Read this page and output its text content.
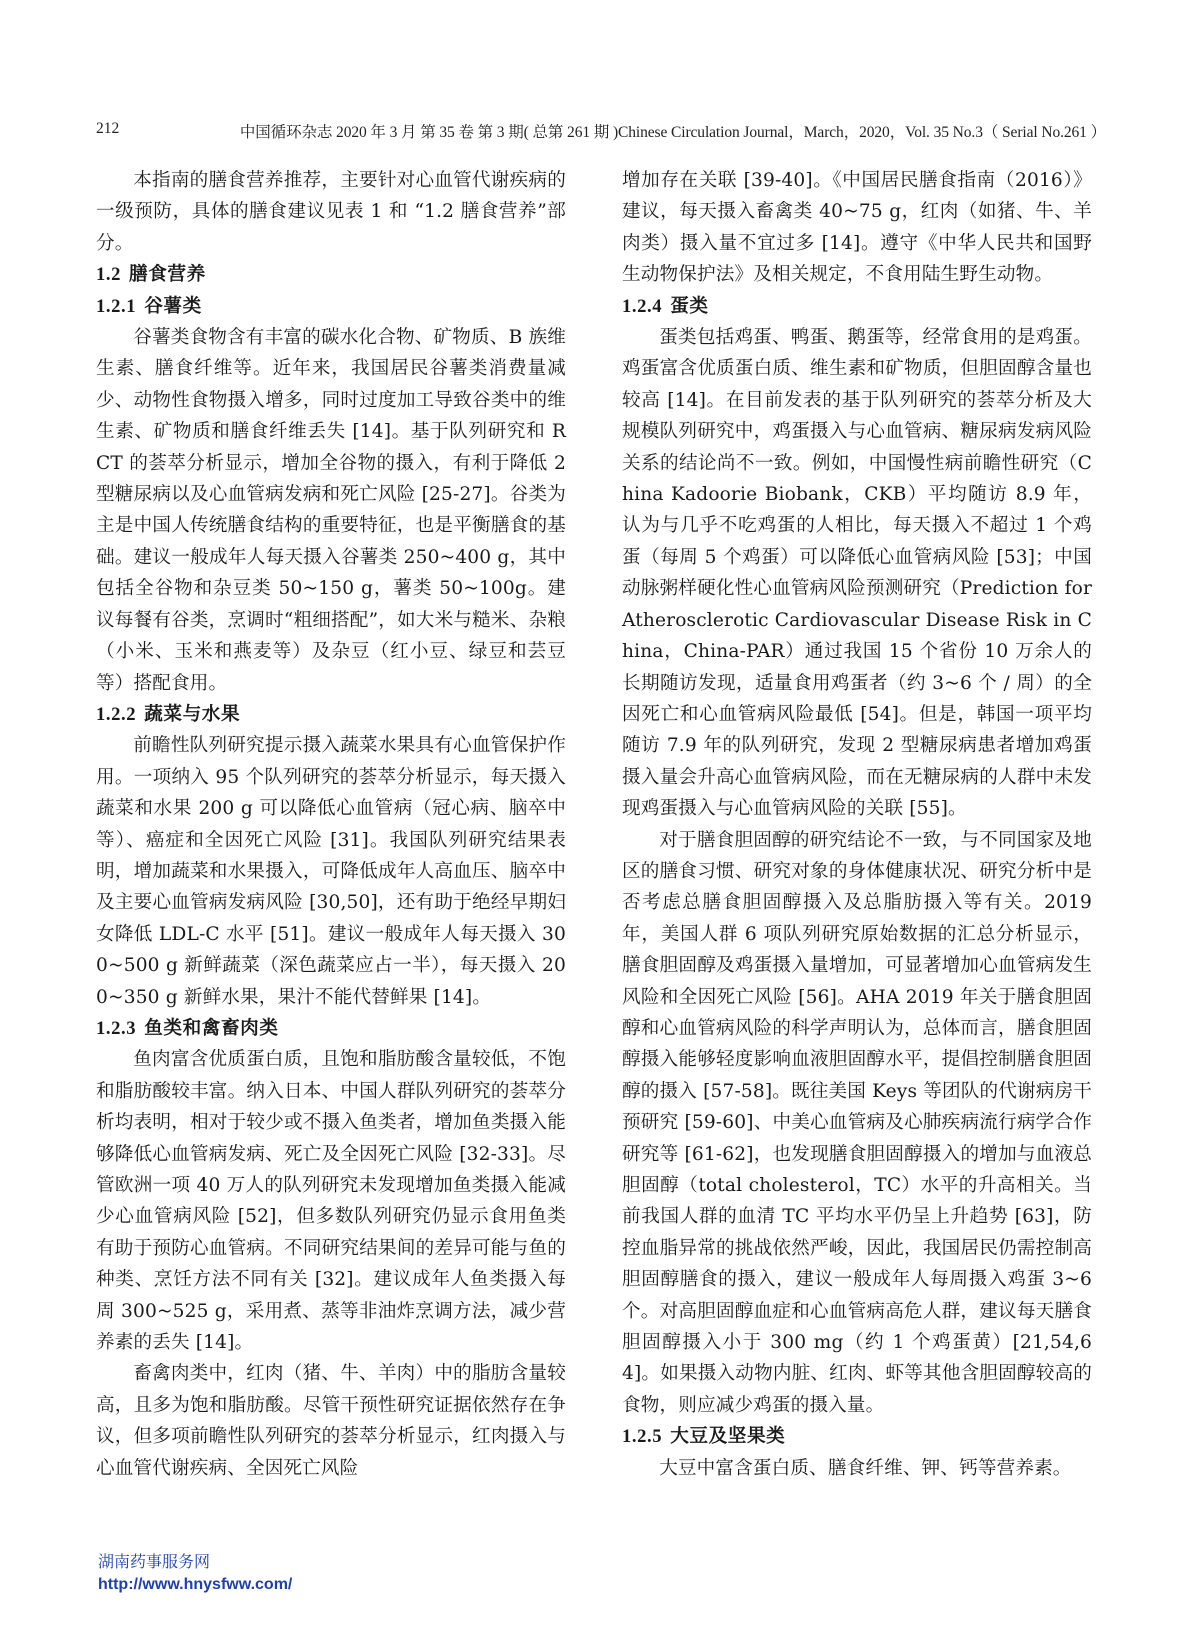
212	中国循环杂志 2020 年 3 月 第 35 卷 第 3 期( 总第 261 期 )Chinese Circulation Journal，March，2020，Vol. 35 No.3（ Serial No.261 ）

本指南的膳食营养推荐，主要针对心血管代谢疾病的一级预防，具体的膳食建议见表 1 和 “1.2 膳食营养”部分。

1.2 膳食营养

1.2.1 谷薯类

谷薯类食物含有丰富的碳水化合物、矿物质、B 族维生素、膳食纤维等。近年来，我国居民谷薯类消费量减少、动物性食物摄入增多，同时过度加工导致谷类中的维生素、矿物质和膳食纤维丢失 [14]。基于队列研究和 RCT 的荟萃分析显示，增加全谷物的摄入，有利于降低 2 型糖尿病以及心血管病发病和死亡风险 [25-27]。谷类为主是中国人传统膳食结构的重要特征，也是平衡膳食的基础。建议一般成年人每天摄入谷薯类 250~400 g，其中包括全谷物和杂豆类 50~150 g，薯类 50~100g。建议每餐有谷类，烹调时“粗细搭配”，如大米与糙米、杂粮（小米、玉米和燕麦等）及杂豆（红小豆、绿豆和芸豆等）搭配食用。

1.2.2 蔬菜与水果

前瞻性队列研究提示摄入蔬菜水果具有心血管保护作用。一项纳入 95 个队列研究的荟萃分析显示，每天摄入蔬菜和水果 200 g 可以降低心血管病（冠心病、脑卒中等）、癌症和全因死亡风险 [31]。我国队列研究结果表明，增加蔬菜和水果摄入，可降低成年人高血压、脑卒中及主要心血管病发病风险 [30,50]，还有助于绝经早期妇女降低 LDL-C 水平 [51]。建议一般成年人每天摄入 300~500 g 新鲜蔬菜（深色蔬菜应占一半），每天摄入 200~350 g 新鲜水果，果汁不能代替鲜果 [14]。

1.2.3 鱼类和禽畜肉类

鱼肉富含优质蛋白质，且饱和脂肪酸含量较低，不饱和脂肪酸较丰富。纳入日本、中国人群队列研究的荟萃分析均表明，相对于较少或不摄入鱼类者，增加鱼类摄入能够降低心血管病发病、死亡及全因死亡风险 [32-33]。尽管欧洲一项 40 万人的队列研究未发现增加鱼类摄入能减少心血管病风险 [52]，但多数队列研究仍显示食用鱼类有助于预防心血管病。不同研究结果间的差异可能与鱼的种类、烹饪方法不同有关 [32]。建议成年人鱼类摄入每周 300~525 g，采用煮、蒸等非油炸烹调方法，减少营养素的丢失 [14]。

畜禽肉类中，红肉（猪、牛、羊肉）中的脂肪含量较高，且多为饱和脂肪酸。尽管干预性研究证据依然存在争议，但多项前瞻性队列研究的荟萃分析显示，红肉摄入与心血管代谢疾病、全因死亡风险

增加存在关联 [39-40]。《中国居民膳食指南（2016）》建议，每天摄入畜禽类 40~75 g，红肉（如猪、牛、羊肉类）摄入量不宜过多 [14]。遵守《中华人民共和国野生动物保护法》及相关规定，不食用陆生野生动物。

1.2.4 蛋类

蛋类包括鸡蛋、鸭蛋、鹅蛋等，经常食用的是鸡蛋。鸡蛋富含优质蛋白质、维生素和矿物质，但胆固醇含量也较高 [14]。在目前发表的基于队列研究的荟萃分析及大规模队列研究中，鸡蛋摄入与心血管病、糖尿病发病风险关系的结论尚不一致。例如，中国慢性病前瞻性研究（China Kadoorie Biobank，CKB）平均随访 8.9 年，认为与几乎不吃鸡蛋的人相比，每天摄入不超过 1 个鸡蛋（每周 5 个鸡蛋）可以降低心血管病风险 [53]；中国动脉粥样硬化性心血管病风险预测研究（Prediction for Atherosclerotic Cardiovascular Disease Risk in China，China-PAR）通过我国 15 个省份 10 万余人的长期随访发现，适量食用鸡蛋者（约 3~6 个 / 周）的全因死亡和心血管病风险最低 [54]。但是，韩国一项平均随访 7.9 年的队列研究，发现 2 型糖尿病患者增加鸡蛋摄入量会升高心血管病风险，而在无糖尿病的人群中未发现鸡蛋摄入与心血管病风险的关联 [55]。

对于膳食胆固醇的研究结论不一致，与不同国家及地区的膳食习惯、研究对象的身体健康状况、研究分析中是否考虑总膳食胆固醇摄入及总脂肪摄入等有关。2019 年，美国人群 6 项队列研究原始数据的汇总分析显示，膳食胆固醇及鸡蛋摄入量增加，可显著增加心血管病发生风险和全因死亡风险 [56]。AHA 2019 年关于膳食胆固醇和心血管病风险的科学声明认为，总体而言，膳食胆固醇摄入能够轻度影响血液胆固醇水平，提倡控制膳食胆固醇的摄入 [57-58]。既往美国 Keys 等团队的代谢病房干预研究 [59-60]、中美心血管病及心肺疾病流行病学合作研究等 [61-62]，也发现膳食胆固醇摄入的增加与血液总胆固醇（total cholesterol，TC）水平的升高相关。当前我国人群的血清 TC 平均水平仍呈上升趋势 [63]，防控血脂异常的挑战依然严峻，因此，我国居民仍需控制高胆固醇膳食的摄入，建议一般成年人每周摄入鸡蛋 3~6 个。对高胆固醇血症和心血管病高危人群，建议每天膳食胆固醇摄入小于 300 mg（约 1 个鸡蛋黄）[21,54,64]。如果摄入动物内脏、红肉、虾等其他含胆固醇较高的食物，则应减少鸡蛋的摄入量。

1.2.5 大豆及坚果类

大豆中富含蛋白质、膳食纤维、钾、钙等营养素。

湖南药事服务网
http://www.hnysfww.com/
